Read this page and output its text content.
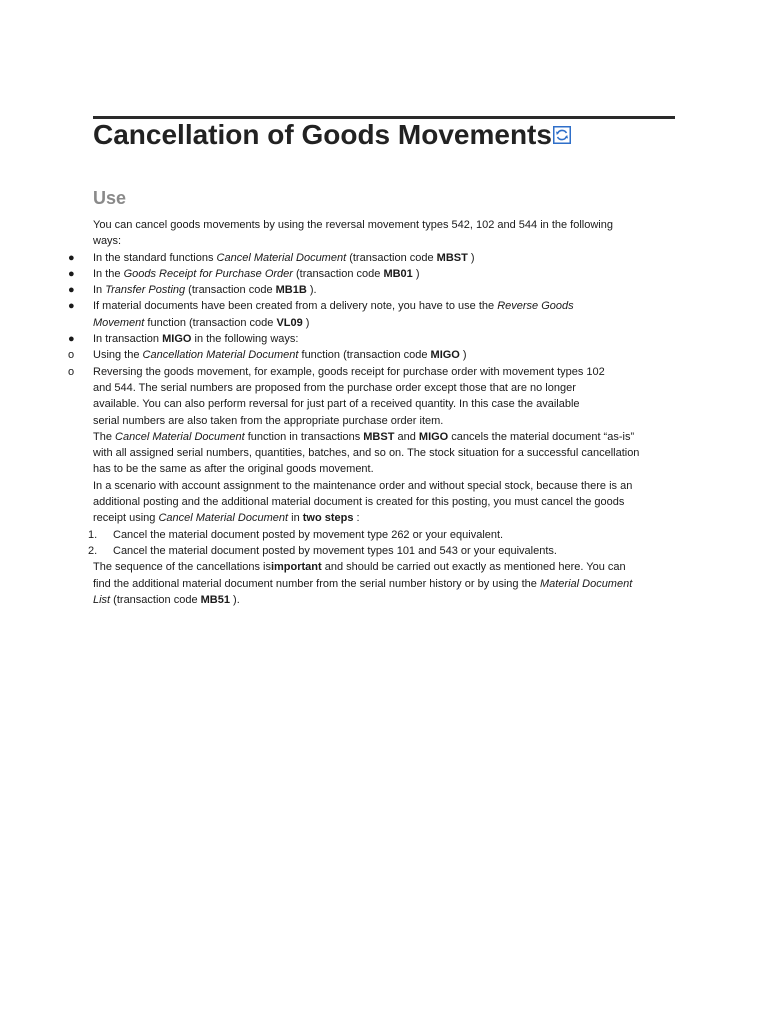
Cancellation of Goods Movements
Use
You can cancel goods movements by using the reversal movement types 542, 102 and 544 in the following
ways:
● In the standard functions Cancel Material Document (transaction code MBST )
● In the Goods Receipt for Purchase Order (transaction code MB01 )
● In Transfer Posting (transaction code MB1B ).
● If material documents have been created from a delivery note, you have to use the Reverse Goods
Movement function (transaction code VL09 )
● In transaction MIGO in the following ways:
o Using the Cancellation Material Document function (transaction code MIGO )
o Reversing the goods movement, for example, goods receipt for purchase order with movement types 102
and 544. The serial numbers are proposed from the purchase order except those that are no longer
available. You can also perform reversal for just part of a received quantity. In this case the available
serial numbers are also taken from the appropriate purchase order item.
The Cancel Material Document function in transactions MBST and MIGO cancels the material document “as-is”
with all assigned serial numbers, quantities, batches, and so on. The stock situation for a successful cancellation
has to be the same as after the original goods movement.
In a scenario with account assignment to the maintenance order and without special stock, because there is an
additional posting and the additional material document is created for this posting, you must cancel the goods
receipt using Cancel Material Document in two steps :
1. Cancel the material document posted by movement type 262 or your equivalent.
2. Cancel the material document posted by movement types 101 and 543 or your equivalents.
The sequence of the cancellations isimportant and should be carried out exactly as mentioned here. You can
find the additional material document number from the serial number history or by using the Material Document
List (transaction code MB51 ).
